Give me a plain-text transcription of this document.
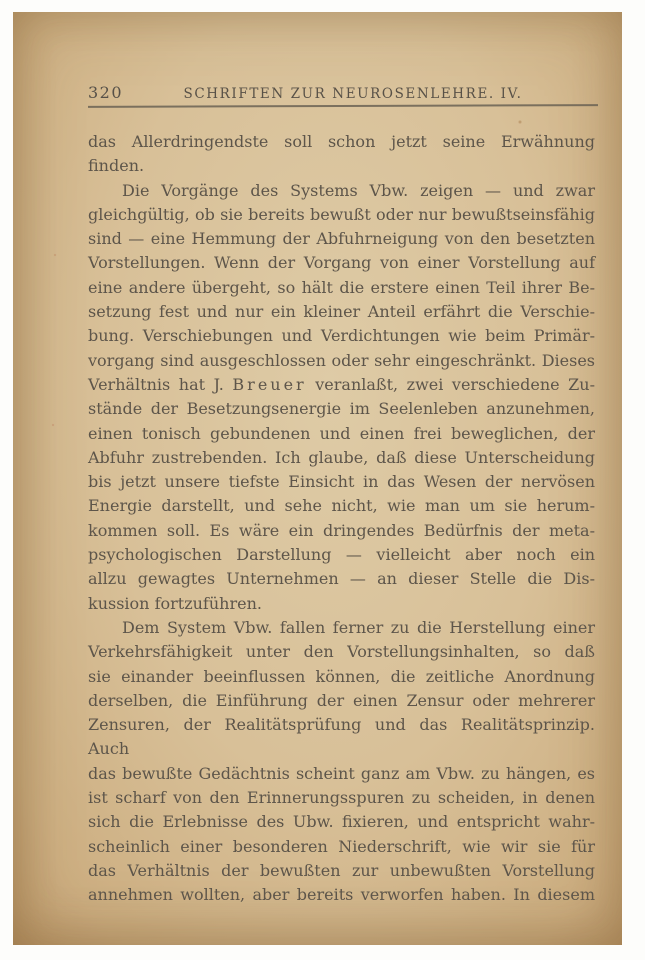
320	SCHRIFTEN ZUR NEUROSENLEHRE. IV.
das Allerdringendste soll schon jetzt seine Erwähnung
finden.
Die Vorgänge des Systems Vbw. zeigen — und zwar
gleichgültig, ob sie bereits bewußt oder nur bewußtseinsfähig
sind — eine Hemmung der Abfuhrneigung von den besetzten
Vorstellungen. Wenn der Vorgang von einer Vorstellung auf
eine andere übergeht, so hält die erstere einen Teil ihrer Be-
setzung fest und nur ein kleiner Anteil erfährt die Verschie-
bung. Verschiebungen und Verdichtungen wie beim Primär-
vorgang sind ausgeschlossen oder sehr eingeschränkt. Dieses
Verhältnis hat J. Breuer veranlaßt, zwei verschiedene Zu-
stände der Besetzungsenergie im Seelenleben anzunehmen,
einen tonisch gebundenen und einen frei beweglichen, der
Abfuhr zustrebenden. Ich glaube, daß diese Unterscheidung
bis jetzt unsere tiefste Einsicht in das Wesen der nervösen
Energie darstellt, und sehe nicht, wie man um sie herum-
kommen soll. Es wäre ein dringendes Bedürfnis der meta-
psychologischen Darstellung — vielleicht aber noch ein
allzu gewagtes Unternehmen — an dieser Stelle die Dis-
kussion fortzuführen.
Dem System Vbw. fallen ferner zu die Herstellung einer
Verkehrsfähigkeit unter den Vorstellungsinhalten, so daß
sie einander beeinflussen können, die zeitliche Anordnung
derselben, die Einführung der einen Zensur oder mehrerer
Zensuren, der Realitätsprüfung und das Realitätsprinzip. Auch
das bewußte Gedächtnis scheint ganz am Vbw. zu hängen, es
ist scharf von den Erinnerungsspuren zu scheiden, in denen
sich die Erlebnisse des Ubw. fixieren, und entspricht wahr-
scheinlich einer besonderen Niederschrift, wie wir sie für
das Verhältnis der bewußten zur unbewußten Vorstellung
annehmen wollten, aber bereits verworfen haben. In diesem
